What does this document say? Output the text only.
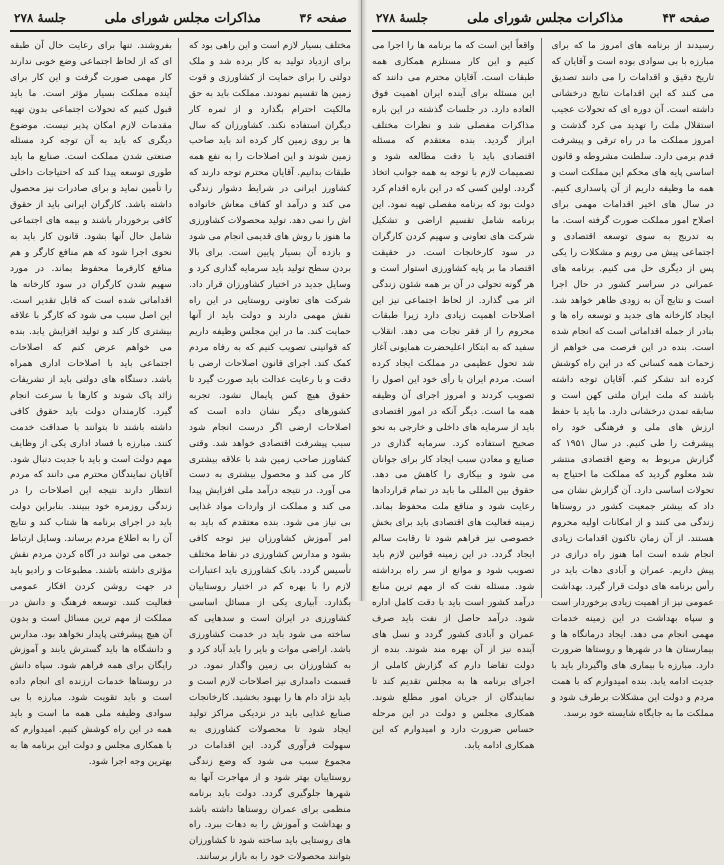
صفحه ۳۶
مذاکرات مجلس شورای ملی
جلسهٔ ۲۷۸

مختلف بسیار لازم است و این راهی بود که برای ازدیاد تولید به کار برده شد و ملک دولتی را برای حمایت از کشاورزی و قوت زمین ها تقسیم نمودند. مملکت باید به حق مالکیت احترام بگذارد و از ثمره کار دیگران استفاده نکند. کشاورزان که سال ها بر روی زمین کار کرده اند باید صاحب زمین شوند و این اصلاحات را به نفع همه طبقات بدانیم. آقایان محترم توجه دارند که کشاورز ایرانی در شرایط دشوار زندگی می کند و درآمد او کفاف معاش خانواده اش را نمی دهد. تولید محصولات کشاورزی ما هنوز با روش های قدیمی انجام می شود و بازده آن بسیار پایین است. برای بالا بردن سطح تولید باید سرمایه گذاری کرد و وسایل جدید در اختیار کشاورزان قرار داد. شرکت های تعاونی روستایی در این راه نقش مهمی دارند و دولت باید از آنها حمایت کند. ما در این مجلس وظیفه داریم که قوانینی تصویب کنیم که به رفاه مردم کمک کند. اجرای قانون اصلاحات ارضی با دقت و با رعایت عدالت باید صورت گیرد تا حقوق هیچ کس پایمال نشود. تجربه کشورهای دیگر نشان داده است که اصلاحات ارضی اگر درست انجام شود سبب پیشرفت اقتصادی خواهد شد. وقتی کشاورز صاحب زمین شد با علاقه بیشتری کار می کند و محصول بیشتری به دست می آورد. در نتیجه درآمد ملی افزایش پیدا می کند و مملکت از واردات مواد غذایی بی نیاز می شود. بنده معتقدم که باید به امر آموزش کشاورزان نیز توجه کافی بشود و مدارس کشاورزی در نقاط مختلف تأسیس گردد. بانک کشاورزی باید اعتبارات لازم را با بهره کم در اختیار روستاییان بگذارد. آبیاری یکی از مسائل اساسی کشاورزی در ایران است و سدهایی که ساخته می شود باید در خدمت کشاورزی باشد. اراضی موات و بایر را باید آباد کرد و به کشاورزان بی زمین واگذار نمود. در قسمت دامداری نیز اصلاحات لازم است و باید نژاد دام ها را بهبود بخشید. کارخانجات صنایع غذایی باید در نزدیکی مراکز تولید ایجاد شود تا محصولات کشاورزی به سهولت فرآوری گردد. این اقدامات در مجموع سبب می شود که وضع زندگی روستاییان بهتر شود و از مهاجرت آنها به شهرها جلوگیری گردد. دولت باید برنامه منظمی برای عمران روستاها داشته باشد و بهداشت و آموزش را به دهات ببرد. راه های روستایی باید ساخته شود تا کشاورزان بتوانند محصولات خود را به بازار برسانند.

بفروشند. تنها برای رعایت حال آن طبقه ای که از لحاظ اجتماعی وضع خوبی ندارند کار مهمی صورت گرفت و این کار برای آینده مملکت بسیار مؤثر است. ما باید قبول کنیم که تحولات اجتماعی بدون تهیه مقدمات لازم امکان پذیر نیست. موضوع دیگری که باید به آن توجه کرد مسئله صنعتی شدن مملکت است. صنایع ما باید طوری توسعه پیدا کند که احتیاجات داخلی را تأمین نماید و برای صادرات نیز محصول داشته باشد. کارگران ایرانی باید از حقوق کافی برخوردار باشند و بیمه های اجتماعی شامل حال آنها بشود. قانون کار باید به نحوی اجرا شود که هم منافع کارگر و هم منافع کارفرما محفوظ بماند. در مورد سهیم شدن کارگران در سود کارخانه ها اقداماتی شده است که قابل تقدیر است. این اصل سبب می شود که کارگر با علاقه بیشتری کار کند و تولید افزایش یابد. بنده می خواهم عرض کنم که اصلاحات اجتماعی باید با اصلاحات اداری همراه باشد. دستگاه های دولتی باید از تشریفات زائد پاک شوند و کارها با سرعت انجام گیرد. کارمندان دولت باید حقوق کافی داشته باشند تا بتوانند با صداقت خدمت کنند. مبارزه با فساد اداری یکی از وظایف مهم دولت است و باید با جدیت دنبال شود. آقایان نمایندگان محترم می دانند که مردم انتظار دارند نتیجه این اصلاحات را در زندگی روزمره خود ببینند. بنابراین دولت باید در اجرای برنامه ها شتاب کند و نتایج آن را به اطلاع مردم برساند. وسایل ارتباط جمعی می توانند در آگاه کردن مردم نقش مؤثری داشته باشند. مطبوعات و رادیو باید در جهت روشن کردن افکار عمومی فعالیت کنند. توسعه فرهنگ و دانش در مملکت از مهم ترین مسائل است و بدون آن هیچ پیشرفتی پایدار نخواهد بود. مدارس و دانشگاه ها باید گسترش یابند و آموزش رایگان برای همه فراهم شود. سپاه دانش در روستاها خدمات ارزنده ای انجام داده است و باید تقویت شود. مبارزه با بی سوادی وظیفه ملی همه ما است و باید همه در این راه کوشش کنیم. امیدوارم که با همکاری مجلس و دولت این برنامه ها به بهترین وجه اجرا شود.

صفحه ۴۳
مذاکرات مجلس شورای ملی
جلسهٔ ۲۷۸

رسیدند از برنامه های امروز ما که برای مبارزه با بی سوادی بوده است و آقایان که تاریخ دقیق و اقدامات را می دانند تصدیق می کنند که این اقدامات نتایج درخشانی داشته است. آن دوره ای که تحولات عجیب استقلال ملت را تهدید می کرد گذشت و امروز مملکت ما در راه ترقی و پیشرفت قدم برمی دارد. سلطنت مشروطه و قانون اساسی پایه های محکم این مملکت است و همه ما وظیفه داریم از آن پاسداری کنیم. در سال های اخیر اقدامات مهمی برای اصلاح امور مملکت صورت گرفته است. ما به تدریج به سوی توسعه اقتصادی و اجتماعی پیش می رویم و مشکلات را یکی پس از دیگری حل می کنیم. برنامه های عمرانی در سراسر کشور در حال اجرا است و نتایج آن به زودی ظاهر خواهد شد. ایجاد کارخانه های جدید و توسعه راه ها و بنادر از جمله اقداماتی است که انجام شده است. بنده در این فرصت می خواهم از زحمات همه کسانی که در این راه کوشش کرده اند تشکر کنم. آقایان توجه داشته باشند که ملت ایران ملتی کهن است و سابقه تمدن درخشانی دارد. ما باید با حفظ ارزش های ملی و فرهنگی خود راه پیشرفت را طی کنیم. در سال ۱۹۵۱ که گزارش مربوط به وضع اقتصادی منتشر شد معلوم گردید که مملکت ما احتیاج به تحولات اساسی دارد. آن گزارش نشان می داد که بیشتر جمعیت کشور در روستاها زندگی می کنند و از امکانات اولیه محروم هستند. از آن زمان تاکنون اقدامات زیادی انجام شده است اما هنوز راه درازی در پیش داریم. عمران و آبادی دهات باید در رأس برنامه های دولت قرار گیرد. بهداشت عمومی نیز از اهمیت زیادی برخوردار است و سپاه بهداشت در این زمینه خدمات مهمی انجام می دهد. ایجاد درمانگاه ها و بیمارستان ها در شهرها و روستاها ضرورت دارد. مبارزه با بیماری های واگیردار باید با جدیت ادامه یابد. بنده امیدوارم که با همت مردم و دولت این مشکلات برطرف شود و مملکت ما به جایگاه شایسته خود برسد.

واقعاً این است که ما برنامه ها را اجرا می کنیم و این کار مستلزم همکاری همه طبقات است. آقایان محترم می دانند که این مسئله برای آینده ایران اهمیت فوق العاده دارد. در جلسات گذشته در این باره مذاکرات مفصلی شد و نظرات مختلف ابراز گردید. بنده معتقدم که مسئله اقتصادی باید با دقت مطالعه شود و تصمیمات لازم با توجه به همه جوانب اتخاذ گردد. اولین کسی که در این باره اقدام کرد دولت بود که برنامه مفصلی تهیه نمود. این برنامه شامل تقسیم اراضی و تشکیل شرکت های تعاونی و سهیم کردن کارگران در سود کارخانجات است. در حقیقت اقتصاد ما بر پایه کشاورزی استوار است و هر گونه تحولی در آن بر همه شئون زندگی اثر می گذارد. از لحاظ اجتماعی نیز این اصلاحات اهمیت زیادی دارد زیرا طبقات محروم را از فقر نجات می دهد. انقلاب سفید که به ابتکار اعلیحضرت همایونی آغاز شد تحول عظیمی در مملکت ایجاد کرده است. مردم ایران با رأی خود این اصول را تصویب کردند و امروز اجرای آن وظیفه همه ما است. دیگر آنکه در امور اقتصادی باید از سرمایه های داخلی و خارجی به نحو صحیح استفاده کرد. سرمایه گذاری در صنایع و معادن سبب ایجاد کار برای جوانان می شود و بیکاری را کاهش می دهد. حقوق بین المللی ما باید در تمام قراردادها رعایت شود و منافع ملت محفوظ بماند. زمینه فعالیت های اقتصادی باید برای بخش خصوصی نیز فراهم شود تا رقابت سالم ایجاد گردد. در این زمینه قوانین لازم باید تصویب شود و موانع از سر راه برداشته شود. مسئله نفت که از مهم ترین منابع درآمد کشور است باید با دقت کامل اداره شود. درآمد حاصل از نفت باید صرف عمران و آبادی کشور گردد و نسل های آینده نیز از آن بهره مند شوند. بنده از دولت تقاضا دارم که گزارش کاملی از اجرای برنامه ها به مجلس تقدیم کند تا نمایندگان از جریان امور مطلع شوند. همکاری مجلس و دولت در این مرحله حساس ضرورت دارد و امیدوارم که این همکاری ادامه یابد.
